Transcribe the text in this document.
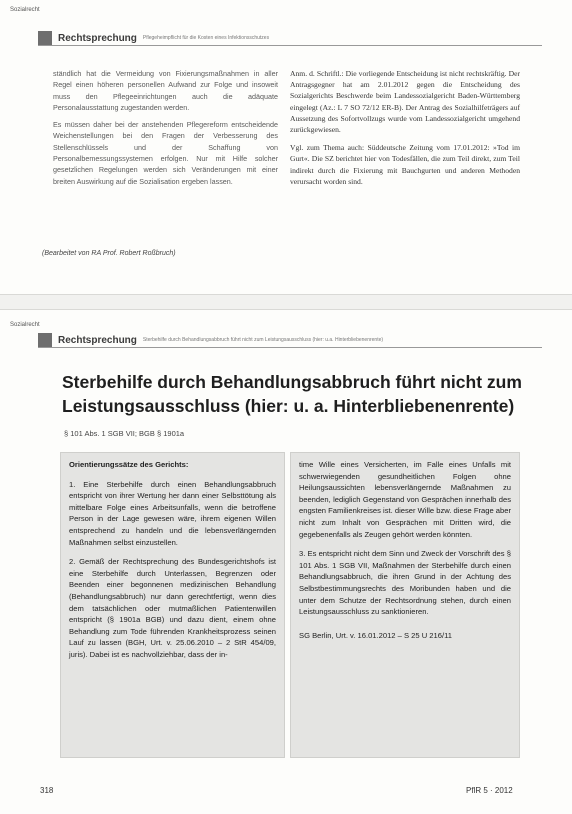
Sozialrecht
Rechtsprechung Pflegeheimpflicht für die Kosten eines Infektionsschutzes

ständlich hat die Vermeidung von Fixierungsmaßnahmen in aller Regel einen höheren personellen Aufwand zur Folge und insoweit muss den Pflegeeinrichtungen auch die adäquate Personalausstattung zugestanden werden.

Es müssen daher bei der anstehenden Pflegereform entscheidende Weichenstellungen bei den Fragen der Verbesserung des Stellenschlüssels und der Schaffung von Personalbemessungssystemen erfolgen. Nur mit Hilfe solcher gesetzlichen Regelungen werden sich Veränderungen mit einer breiten Auswirkung auf die Sozialisation ergeben lassen.

(Bearbeitet von RA Prof. Robert Roßbruch)

Anm. d. Schriftl.: Die vorliegende Entscheidung ist nicht rechtskräftig. Der Antragsgegner hat am 2.01.2012 gegen die Entscheidung des Sozialgerichts Beschwerde beim Landessozialgericht Baden-Württemberg eingelegt (Az.: L 7 SO 72/12 ER-B). Der Antrag des Sozialhilfeträgers auf Aussetzung des Sofortvollzugs wurde vom Landessozialgericht umgehend zurückgewiesen.

Vgl. zum Thema auch: Süddeutsche Zeitung vom 17.01.2012: »Tod im Gurt«. Die SZ berichtet hier von Todesfällen, die zum Teil direkt, zum Teil indirekt durch die Fixierung mit Bauchgurten und anderen Methoden verursacht worden sind.

Sozialrecht
Rechtsprechung Sterbehilfe durch Behandlungsabbruch führt nicht zum Leistungsausschluss (hier: u.a. Hinterbliebenenrente)
Sterbehilfe durch Behandlungsabbruch führt nicht zum
Leistungsausschluss (hier: u. a. Hinterbliebenenrente)
§ 101 Abs. 1 SGB VII; BGB § 1901a
Orientierungssätze des Gerichts:

1. Eine Sterbehilfe durch einen Behandlungsabbruch entspricht von ihrer Wertung her dann einer Selbsttötung als mittelbare Folge eines Arbeitsunfalls, wenn die betroffene Person in der Lage gewesen wäre, ihrem eigenen Willen entsprechend zu handeln und die lebensverlängernden Maßnahmen selbst einzustellen.

2. Gemäß der Rechtsprechung des Bundesgerichtshofs ist eine Sterbehilfe durch Unterlassen, Begrenzen oder Beenden einer begonnenen medizinischen Behandlung (Behandlungsabbruch) nur dann gerechtfertigt, wenn dies dem tatsächlichen oder mutmaßlichen Patientenwillen entspricht (§ 1901a BGB) und dazu dient, einem ohne Behandlung zum Tode führenden Krankheitsprozess seinen Lauf zu lassen (BGH, Urt. v. 25.06.2010 – 2 StR 454/09, juris). Dabei ist es nachvollziehbar, dass der in-

time Wille eines Versicherten, im Falle eines Unfalls mit schwerwiegenden gesundheitlichen Folgen ohne Heilungsaussichten lebensverlängernde Maßnahmen zu beenden, lediglich Gegenstand von Gesprächen innerhalb des engsten Familienkreises ist. dieser Wille bzw. diese Frage aber nicht zum Inhalt von Gesprächen mit Dritten wird, die gegebenenfalls als Zeugen gehört werden könnten.

3. Es entspricht nicht dem Sinn und Zweck der Vorschrift des § 101 Abs. 1 SGB VII, Maßnahmen der Sterbehilfe durch einen Behandlungsabbruch, die ihren Grund in der Achtung des Selbstbestimmungsrechts des Moribunden haben und die unter dem Schutze der Rechtsordnung stehen, durch einen Leistungsausschluss zu sanktionieren.

SG Berlin, Urt. v. 16.01.2012 – S 25 U 216/11
318	PflR 5 · 2012
